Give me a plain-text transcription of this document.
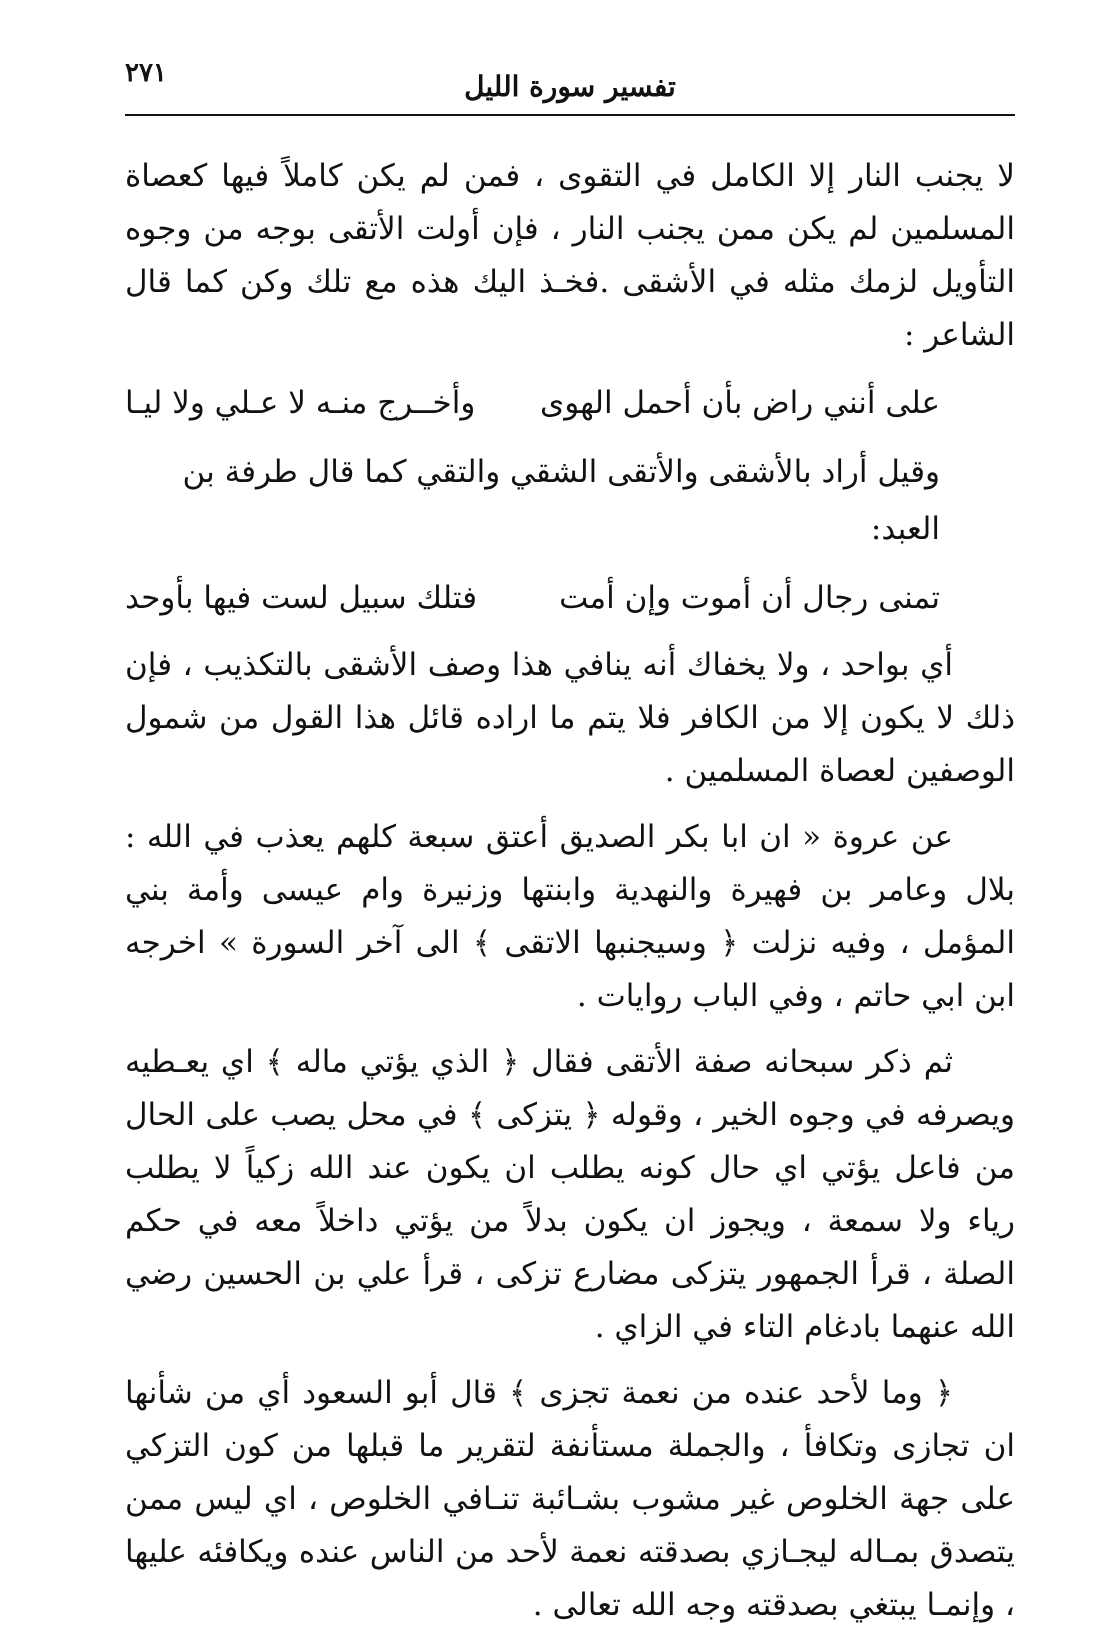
تفسير سورة الليل
٢٧١

لا يجنب النار إلا الكامل في التقوى ، فمن لم يكن كاملاً فيها كعصاة المسلمين لم يكن ممن يجنب النار ، فإن أولت الأتقى بوجه من وجوه التأويل لزمك مثله في الأشقى .فخـذ اليك هذه مع تلك وكن كما قال الشاعر :

على أنني راض بأن أحمل الهوى
وأخــرج منـه لا عـلي ولا ليـا
وقيل أراد بالأشقى والأتقى الشقي والتقي كما قال طرفة بن العبد:
تمنى رجال أن أموت وإن أمت
فتلك سبيل لست فيها بأوحد

أي بواحد ، ولا يخفاك أنه ينافي هذا وصف الأشقى بالتكذيب ، فإن ذلك لا يكون إلا من الكافر فلا يتم ما اراده قائل هذا القول من شمول الوصفين لعصاة المسلمين .

عن عروة « ان ابا بكر الصديق أعتق سبعة كلهم يعذب في الله : بلال وعامر بن فهيرة والنهدية وابنتها وزنيرة وام عيسى وأمة بني المؤمل ، وفيه نزلت ﴿ وسيجنبها الاتقى ﴾ الى آخر السورة » اخرجه ابن ابي حاتم ، وفي الباب روايات .

ثم ذكر سبحانه صفة الأتقى فقال ﴿ الذي يؤتي ماله ﴾ اي يعـطيه ويصرفه في وجوه الخير ، وقوله ﴿ يتزكى ﴾ في محل يصب على الحال من فاعل يؤتي اي حال كونه يطلب ان يكون عند الله زكياً لا يطلب رياء ولا سمعة ، ويجوز ان يكون بدلاً من يؤتي داخلاً معه في حكم الصلة ، قرأ الجمهور يتزكى مضارع تزكى ، قرأ علي بن الحسين رضي الله عنهما بادغام التاء في الزاي .

﴿ وما لأحد عنده من نعمة تجزى ﴾ قال أبو السعود أي من شأنها ان تجازى وتكافأ ، والجملة مستأنفة لتقرير ما قبلها من كون التزكي على جهة الخلوص غير مشوب بشـائبة تنـافي الخلوص ، اي ليس ممن يتصدق بمـاله ليجـازي بصدقته نعمة لأحد من الناس عنده ويكافئه عليها ، وإنمـا يبتغي بصدقته وجه الله تعالى .
